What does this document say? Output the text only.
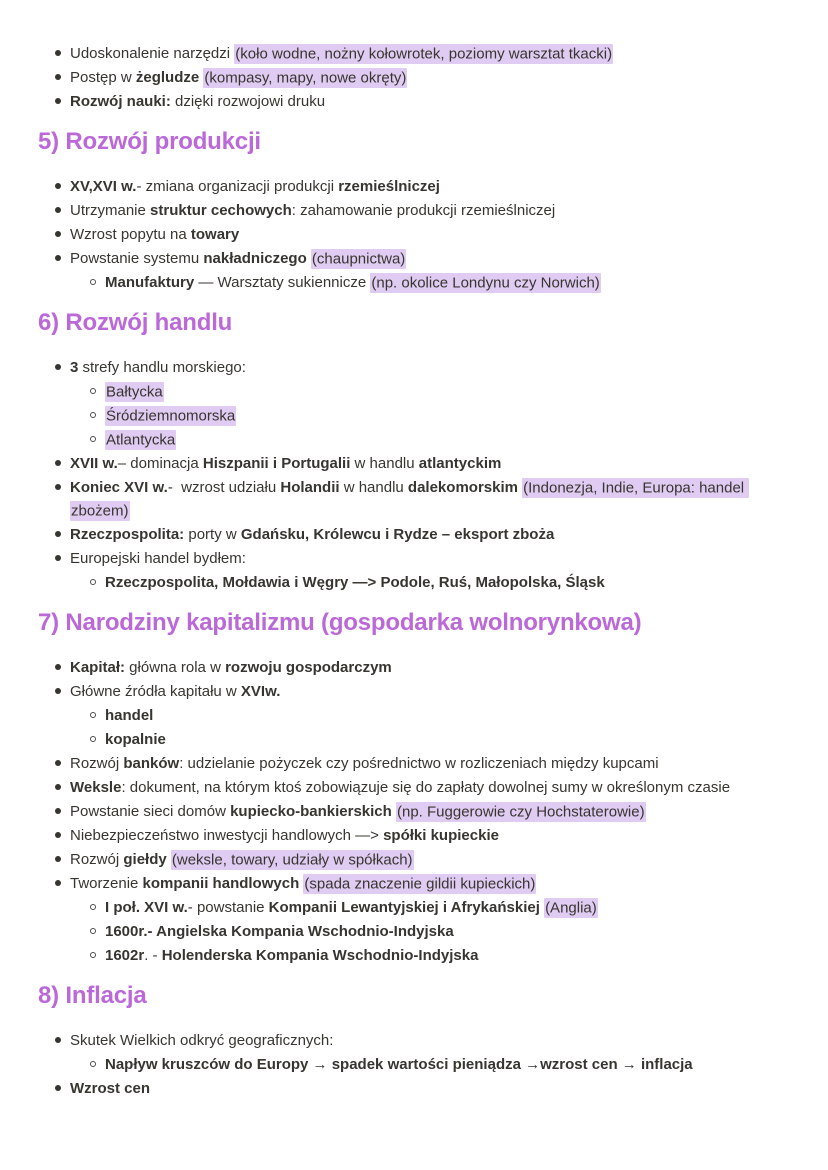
Udoskonalenie narzędzi (koło wodne, nożny kołowrotek, poziomy warsztat tkacki)
Postęp w żegludze (kompasy, mapy, nowe okręty)
Rozwój nauki: dzięki rozwojowi druku
5) Rozwój produkcji
XV,XVI w.- zmiana organizacji produkcji rzemieślniczej
Utrzymanie struktur cechowych: zahamowanie produkcji rzemieślniczej
Wzrost popytu na towary
Powstanie systemu nakładniczego (chaupnictwa)
Manufaktury — Warsztaty sukiennicze (np. okolice Londynu czy Norwich)
6) Rozwój handlu
3 strefy handlu morskiego:
Bałtycka
Śródziemnomorska
Atlantycka
XVII w.– dominacja Hiszpanii i Portugalii w handlu atlantyckim
Koniec XVI w.-  wzrost udziału Holandii w handlu dalekomorskim (Indonezja, Indie, Europa: handel zbożem)
Rzeczpospolita: porty w Gdańsku, Królewcu i Rydze – eksport zboża
Europejski handel bydłem:
Rzeczpospolita, Mołdawia i Węgry —> Podole, Ruś, Małopolska, Śląsk
7) Narodziny kapitalizmu (gospodarka wolnorynkowa)
Kapitał: główna rola w rozwoju gospodarczym
Główne źródła kapitału w XVIw.
handel
kopalnie
Rozwój banków: udzielanie pożyczek czy pośrednictwo w rozliczeniach między kupcami
Weksle: dokument, na którym ktoś zobowiązuje się do zapłaty dowolnej sumy w określonym czasie
Powstanie sieci domów kupiecko-bankierskich (np. Fuggerowie czy Hochstaterowie)
Niebezpieczeństwo inwestycji handlowych —> spółki kupieckie
Rozwój giełdy (weksle, towary, udziały w spółkach)
Tworzenie kompanii handlowych (spada znaczenie gildii kupieckich)
I poł. XVI w.- powstanie Kompanii Lewantyjskiej i Afrykańskiej (Anglia)
1600r.- Angielska Kompania Wschodnio-Indyjska
1602r. - Holenderska Kompania Wschodnio-Indyjska
8) Inflacja
Skutek Wielkich odkryć geograficznych:
Napływ kruszców do Europy → spadek wartości pieniądza →wzrost cen → inflacja
Wzrost cen
